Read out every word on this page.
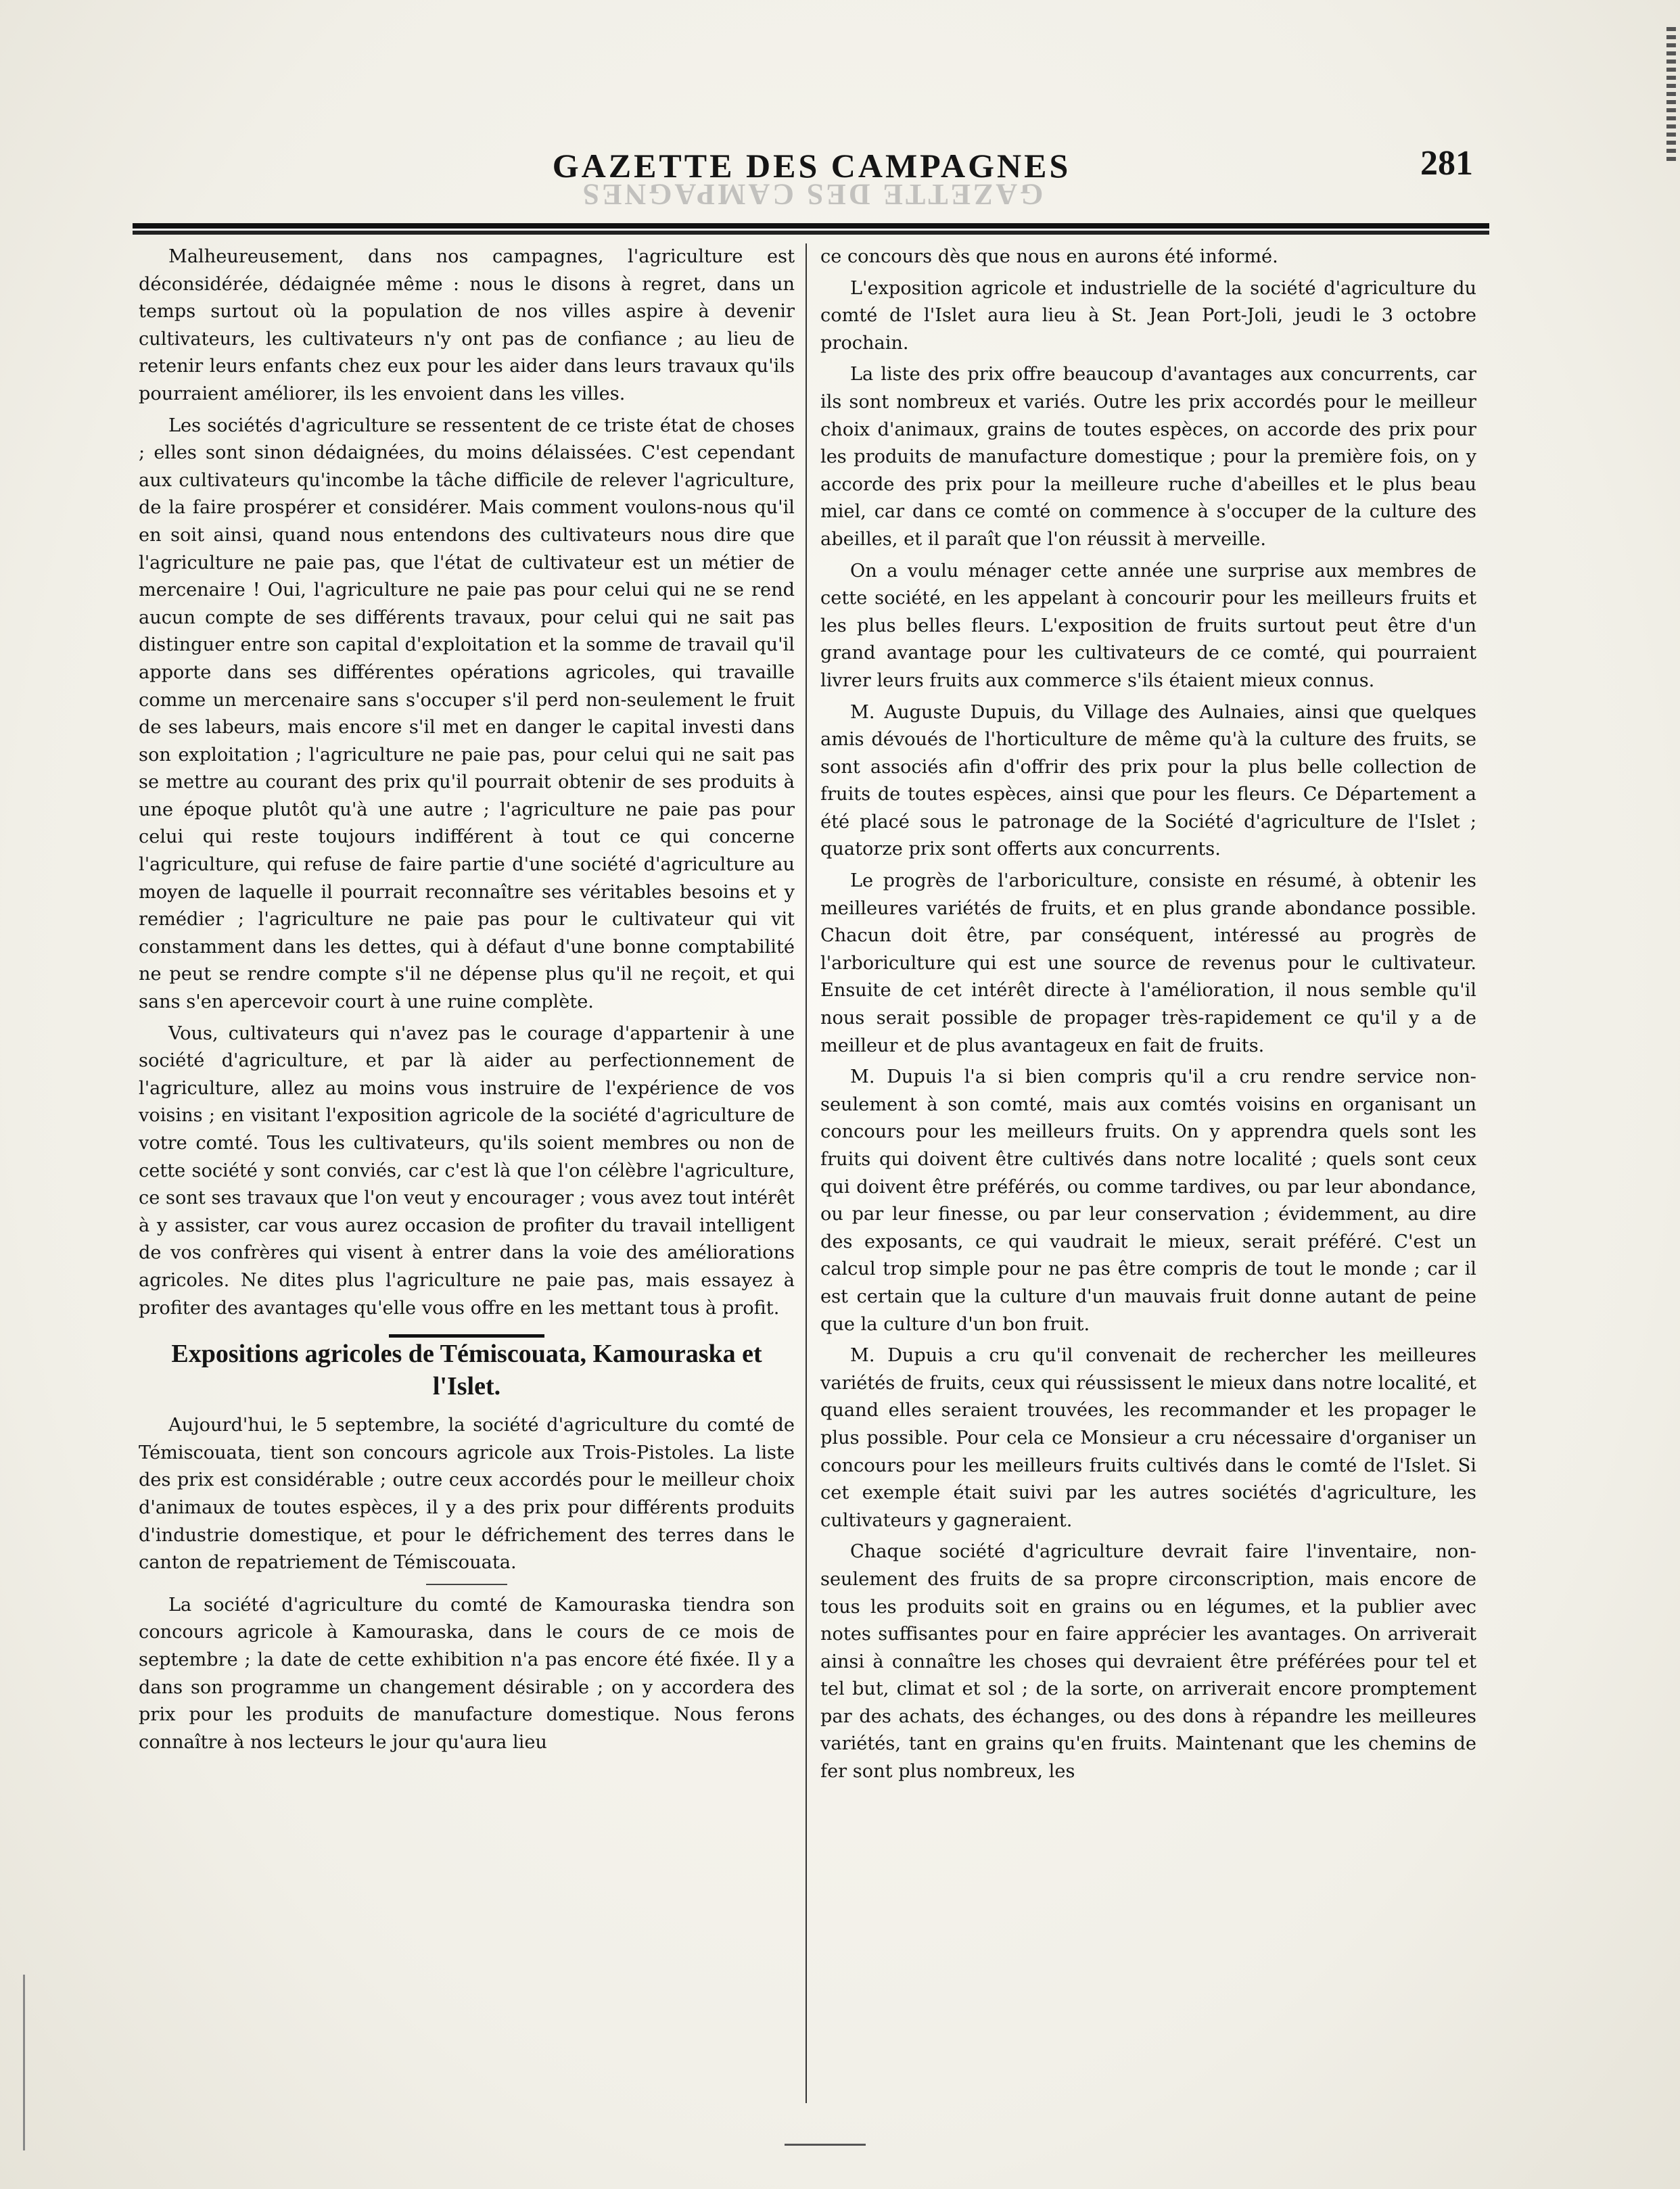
GAZETTE DES CAMPAGNES
GAZETTE DES CAMPAGNES
281

Malheureusement, dans nos campagnes, l'agriculture est déconsidérée, dédaignée même : nous le disons à regret, dans un temps surtout où la population de nos villes aspire à devenir cultivateurs, les cultivateurs n'y ont pas de confiance ; au lieu de retenir leurs enfants chez eux pour les aider dans leurs travaux qu'ils pourraient améliorer, ils les envoient dans les villes.

Les sociétés d'agriculture se ressentent de ce triste état de choses ; elles sont sinon dédaignées, du moins délaissées. C'est cependant aux cultivateurs qu'incombe la tâche difficile de relever l'agriculture, de la faire prospérer et considérer. Mais comment voulons-nous qu'il en soit ainsi, quand nous entendons des cultivateurs nous dire que l'agriculture ne paie pas, que l'état de cultivateur est un métier de mercenaire ! Oui, l'agriculture ne paie pas pour celui qui ne se rend aucun compte de ses différents travaux, pour celui qui ne sait pas distinguer entre son capital d'exploitation et la somme de travail qu'il apporte dans ses différentes opérations agricoles, qui travaille comme un mercenaire sans s'occuper s'il perd non-seulement le fruit de ses labeurs, mais encore s'il met en danger le capital investi dans son exploitation ; l'agriculture ne paie pas, pour celui qui ne sait pas se mettre au courant des prix qu'il pourrait obtenir de ses produits à une époque plutôt qu'à une autre ; l'agriculture ne paie pas pour celui qui reste toujours indifférent à tout ce qui concerne l'agriculture, qui refuse de faire partie d'une société d'agriculture au moyen de laquelle il pourrait reconnaître ses véritables besoins et y remédier ; l'agriculture ne paie pas pour le cultivateur qui vit constamment dans les dettes, qui à défaut d'une bonne comptabilité ne peut se rendre compte s'il ne dépense plus qu'il ne reçoit, et qui sans s'en apercevoir court à une ruine complète.

Vous, cultivateurs qui n'avez pas le courage d'appartenir à une société d'agriculture, et par là aider au perfectionnement de l'agriculture, allez au moins vous instruire de l'expérience de vos voisins ; en visitant l'exposition agricole de la société d'agriculture de votre comté. Tous les cultivateurs, qu'ils soient membres ou non de cette société y sont conviés, car c'est là que l'on célèbre l'agriculture, ce sont ses travaux que l'on veut y encourager ; vous avez tout intérêt à y assister, car vous aurez occasion de profiter du travail intelligent de vos confrères qui visent à entrer dans la voie des améliorations agricoles. Ne dites plus l'agriculture ne paie pas, mais essayez à profiter des avantages qu'elle vous offre en les mettant tous à profit.

Expositions agricoles de Témiscouata, Kamouraska et l'Islet.

Aujourd'hui, le 5 septembre, la société d'agriculture du comté de Témiscouata, tient son concours agricole aux Trois-Pistoles. La liste des prix est considérable ; outre ceux accordés pour le meilleur choix d'animaux de toutes espèces, il y a des prix pour différents produits d'industrie domestique, et pour le défrichement des terres dans le canton de repatriement de Témiscouata.

La société d'agriculture du comté de Kamouraska tiendra son concours agricole à Kamouraska, dans le cours de ce mois de septembre ; la date de cette exhibition n'a pas encore été fixée. Il y a dans son programme un changement désirable ; on y accordera des prix pour les produits de manufacture domestique. Nous ferons connaître à nos lecteurs le jour qu'aura lieu

ce concours dès que nous en aurons été informé.

L'exposition agricole et industrielle de la société d'agriculture du comté de l'Islet aura lieu à St. Jean Port-Joli, jeudi le 3 octobre prochain.

La liste des prix offre beaucoup d'avantages aux concurrents, car ils sont nombreux et variés. Outre les prix accordés pour le meilleur choix d'animaux, grains de toutes espèces, on accorde des prix pour les produits de manufacture domestique ; pour la première fois, on y accorde des prix pour la meilleure ruche d'abeilles et le plus beau miel, car dans ce comté on commence à s'occuper de la culture des abeilles, et il paraît que l'on réussit à merveille.

On a voulu ménager cette année une surprise aux membres de cette société, en les appelant à concourir pour les meilleurs fruits et les plus belles fleurs. L'exposition de fruits surtout peut être d'un grand avantage pour les cultivateurs de ce comté, qui pourraient livrer leurs fruits aux commerce s'ils étaient mieux connus.

M. Auguste Dupuis, du Village des Aulnaies, ainsi que quelques amis dévoués de l'horticulture de même qu'à la culture des fruits, se sont associés afin d'offrir des prix pour la plus belle collection de fruits de toutes espèces, ainsi que pour les fleurs. Ce Département a été placé sous le patronage de la Société d'agriculture de l'Islet ; quatorze prix sont offerts aux concurrents.

Le progrès de l'arboriculture, consiste en résumé, à obtenir les meilleures variétés de fruits, et en plus grande abondance possible. Chacun doit être, par conséquent, intéressé au progrès de l'arboriculture qui est une source de revenus pour le cultivateur. Ensuite de cet intérêt directe à l'amélioration, il nous semble qu'il nous serait possible de propager très-rapidement ce qu'il y a de meilleur et de plus avantageux en fait de fruits.

M. Dupuis l'a si bien compris qu'il a cru rendre service non-seulement à son comté, mais aux comtés voisins en organisant un concours pour les meilleurs fruits. On y apprendra quels sont les fruits qui doivent être cultivés dans notre localité ; quels sont ceux qui doivent être préférés, ou comme tardives, ou par leur abondance, ou par leur finesse, ou par leur conservation ; évidemment, au dire des exposants, ce qui vaudrait le mieux, serait préféré. C'est un calcul trop simple pour ne pas être compris de tout le monde ; car il est certain que la culture d'un mauvais fruit donne autant de peine que la culture d'un bon fruit.

M. Dupuis a cru qu'il convenait de rechercher les meilleures variétés de fruits, ceux qui réussissent le mieux dans notre localité, et quand elles seraient trouvées, les recommander et les propager le plus possible. Pour cela ce Monsieur a cru nécessaire d'organiser un concours pour les meilleurs fruits cultivés dans le comté de l'Islet. Si cet exemple était suivi par les autres sociétés d'agriculture, les cultivateurs y gagneraient.

Chaque société d'agriculture devrait faire l'inventaire, non-seulement des fruits de sa propre circonscription, mais encore de tous les produits soit en grains ou en légumes, et la publier avec notes suffisantes pour en faire apprécier les avantages. On arriverait ainsi à connaître les choses qui devraient être préférées pour tel et tel but, climat et sol ; de la sorte, on arriverait encore promptement par des achats, des échanges, ou des dons à répandre les meilleures variétés, tant en grains qu'en fruits. Maintenant que les chemins de fer sont plus nombreux, les
